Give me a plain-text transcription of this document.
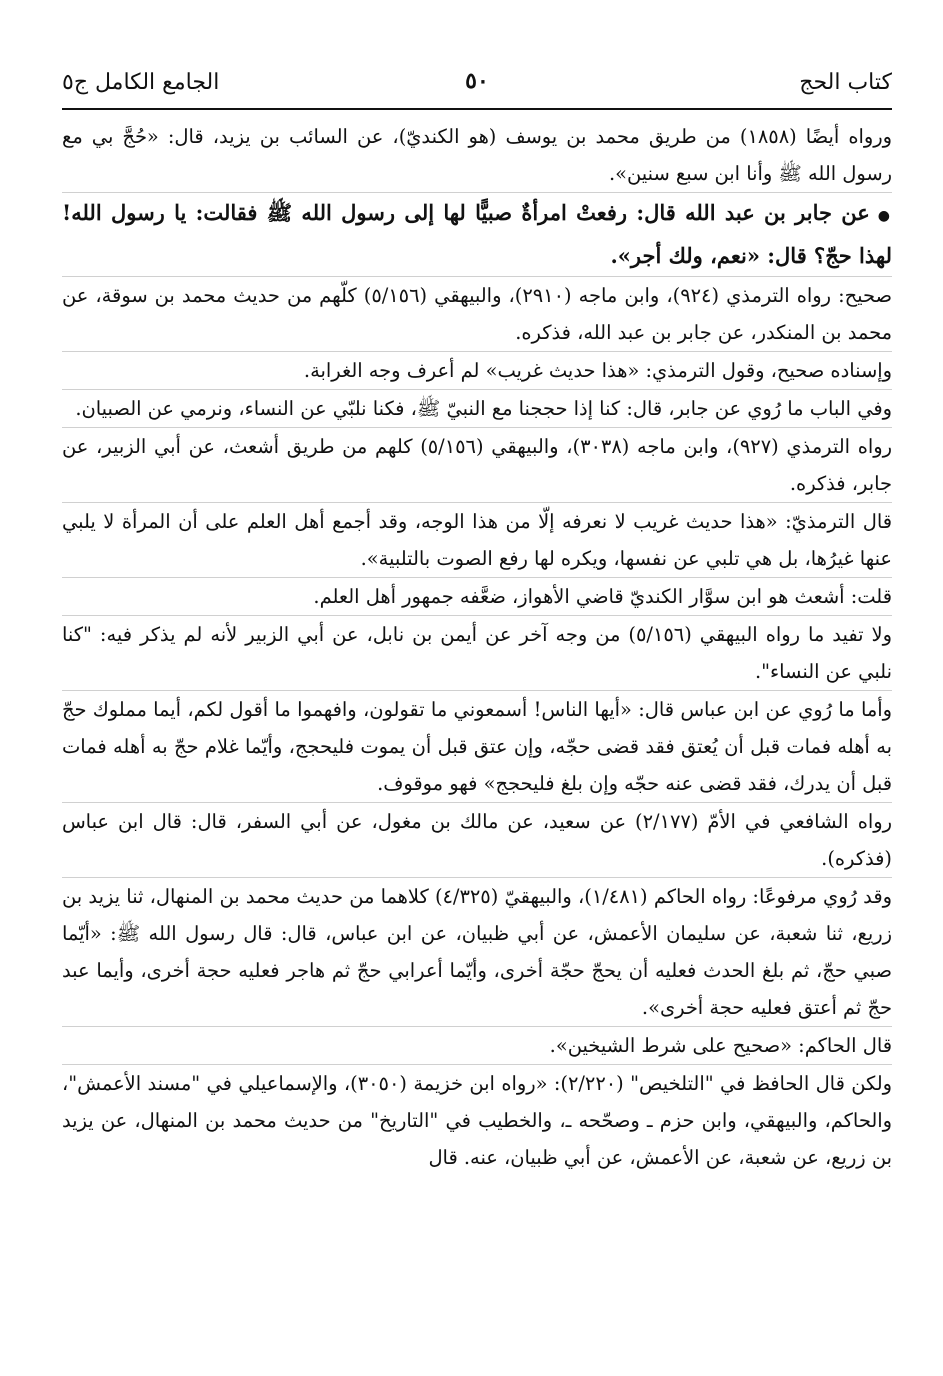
كتاب الحج
٥٠
الجامع الكامل ج٥

ورواه أيضًا (١٨٥٨) من طريق محمد بن يوسف (هو الكنديّ)، عن السائب بن يزيد، قال: «حُجَّ بي مع رسول الله ﷺ وأنا ابن سبع سنين».

●عن جابر بن عبد الله قال: رفعتْ امرأةٌ صبيًّا لها إلى رسول الله ﷺ فقالت: يا رسول الله! لهذا حجّ؟ قال: «نعم، ولك أجر».

صحيح: رواه الترمذي (٩٢٤)، وابن ماجه (٢٩١٠)، والبيهقي (٥/١٥٦) كلّهم من حديث محمد بن سوقة، عن محمد بن المنكدر، عن جابر بن عبد الله، فذكره.

وإسناده صحيح، وقول الترمذي: «هذا حديث غريب» لم أعرف وجه الغرابة.

وفي الباب ما رُوي عن جابر، قال: كنا إذا حججنا مع النبيّ ﷺ، فكنا نلبّي عن النساء، ونرمي عن الصبيان.

رواه الترمذي (٩٢٧)، وابن ماجه (٣٠٣٨)، والبيهقي (٥/١٥٦) كلهم من طريق أشعث، عن أبي الزبير، عن جابر، فذكره.

قال الترمذيّ: «هذا حديث غريب لا نعرفه إلّا من هذا الوجه، وقد أجمع أهل العلم على أن المرأة لا يلبي عنها غيرُها، بل هي تلبي عن نفسها، ويكره لها رفع الصوت بالتلبية».

قلت: أشعث هو ابن سوَّار الكنديّ قاضي الأهواز، ضعَّفه جمهور أهل العلم.

ولا تفيد ما رواه البيهقي (٥/١٥٦) من وجه آخر عن أيمن بن نابل، عن أبي الزبير لأنه لم يذكر فيه: "كنا نلبي عن النساء".

وأما ما رُوي عن ابن عباس قال: «أيها الناس! أسمعوني ما تقولون، وافهموا ما أقول لكم، أيما مملوك حجّ به أهله فمات قبل أن يُعتق فقد قضى حجّه، وإن عتق قبل أن يموت فليحجج، وأيّما غلام حجّ به أهله فمات قبل أن يدرك، فقد قضى عنه حجّه وإن بلغ فليحجج» فهو موقوف.

رواه الشافعي في الأمّ (٢/١٧٧) عن سعيد، عن مالك بن مغول، عن أبي السفر، قال: قال ابن عباس (فذكره).

وقد رُوي مرفوعًا: رواه الحاكم (١/٤٨١)، والبيهقيّ (٤/٣٢٥) كلاهما من حديث محمد بن المنهال، ثنا يزيد بن زريع، ثنا شعبة، عن سليمان الأعمش، عن أبي ظبيان، عن ابن عباس، قال: قال رسول الله ﷺ: «أيّما صبي حجّ، ثم بلغ الحدث فعليه أن يحجّ حجّة أخرى، وأيّما أعرابي حجّ ثم هاجر فعليه حجة أخرى، وأيما عبد حجّ ثم أعتق فعليه حجة أخرى».

قال الحاكم: «صحيح على شرط الشيخين».

ولكن قال الحافظ في "التلخيص" (٢/٢٢٠): «رواه ابن خزيمة (٣٠٥٠)، والإسماعيلي في "مسند الأعمش"، والحاكم، والبيهقي، وابن حزم ـ وصحّحه ـ، والخطيب في "التاريخ" من حديث محمد بن المنهال، عن يزيد بن زريع، عن شعبة، عن الأعمش، عن أبي ظبيان، عنه. قال
